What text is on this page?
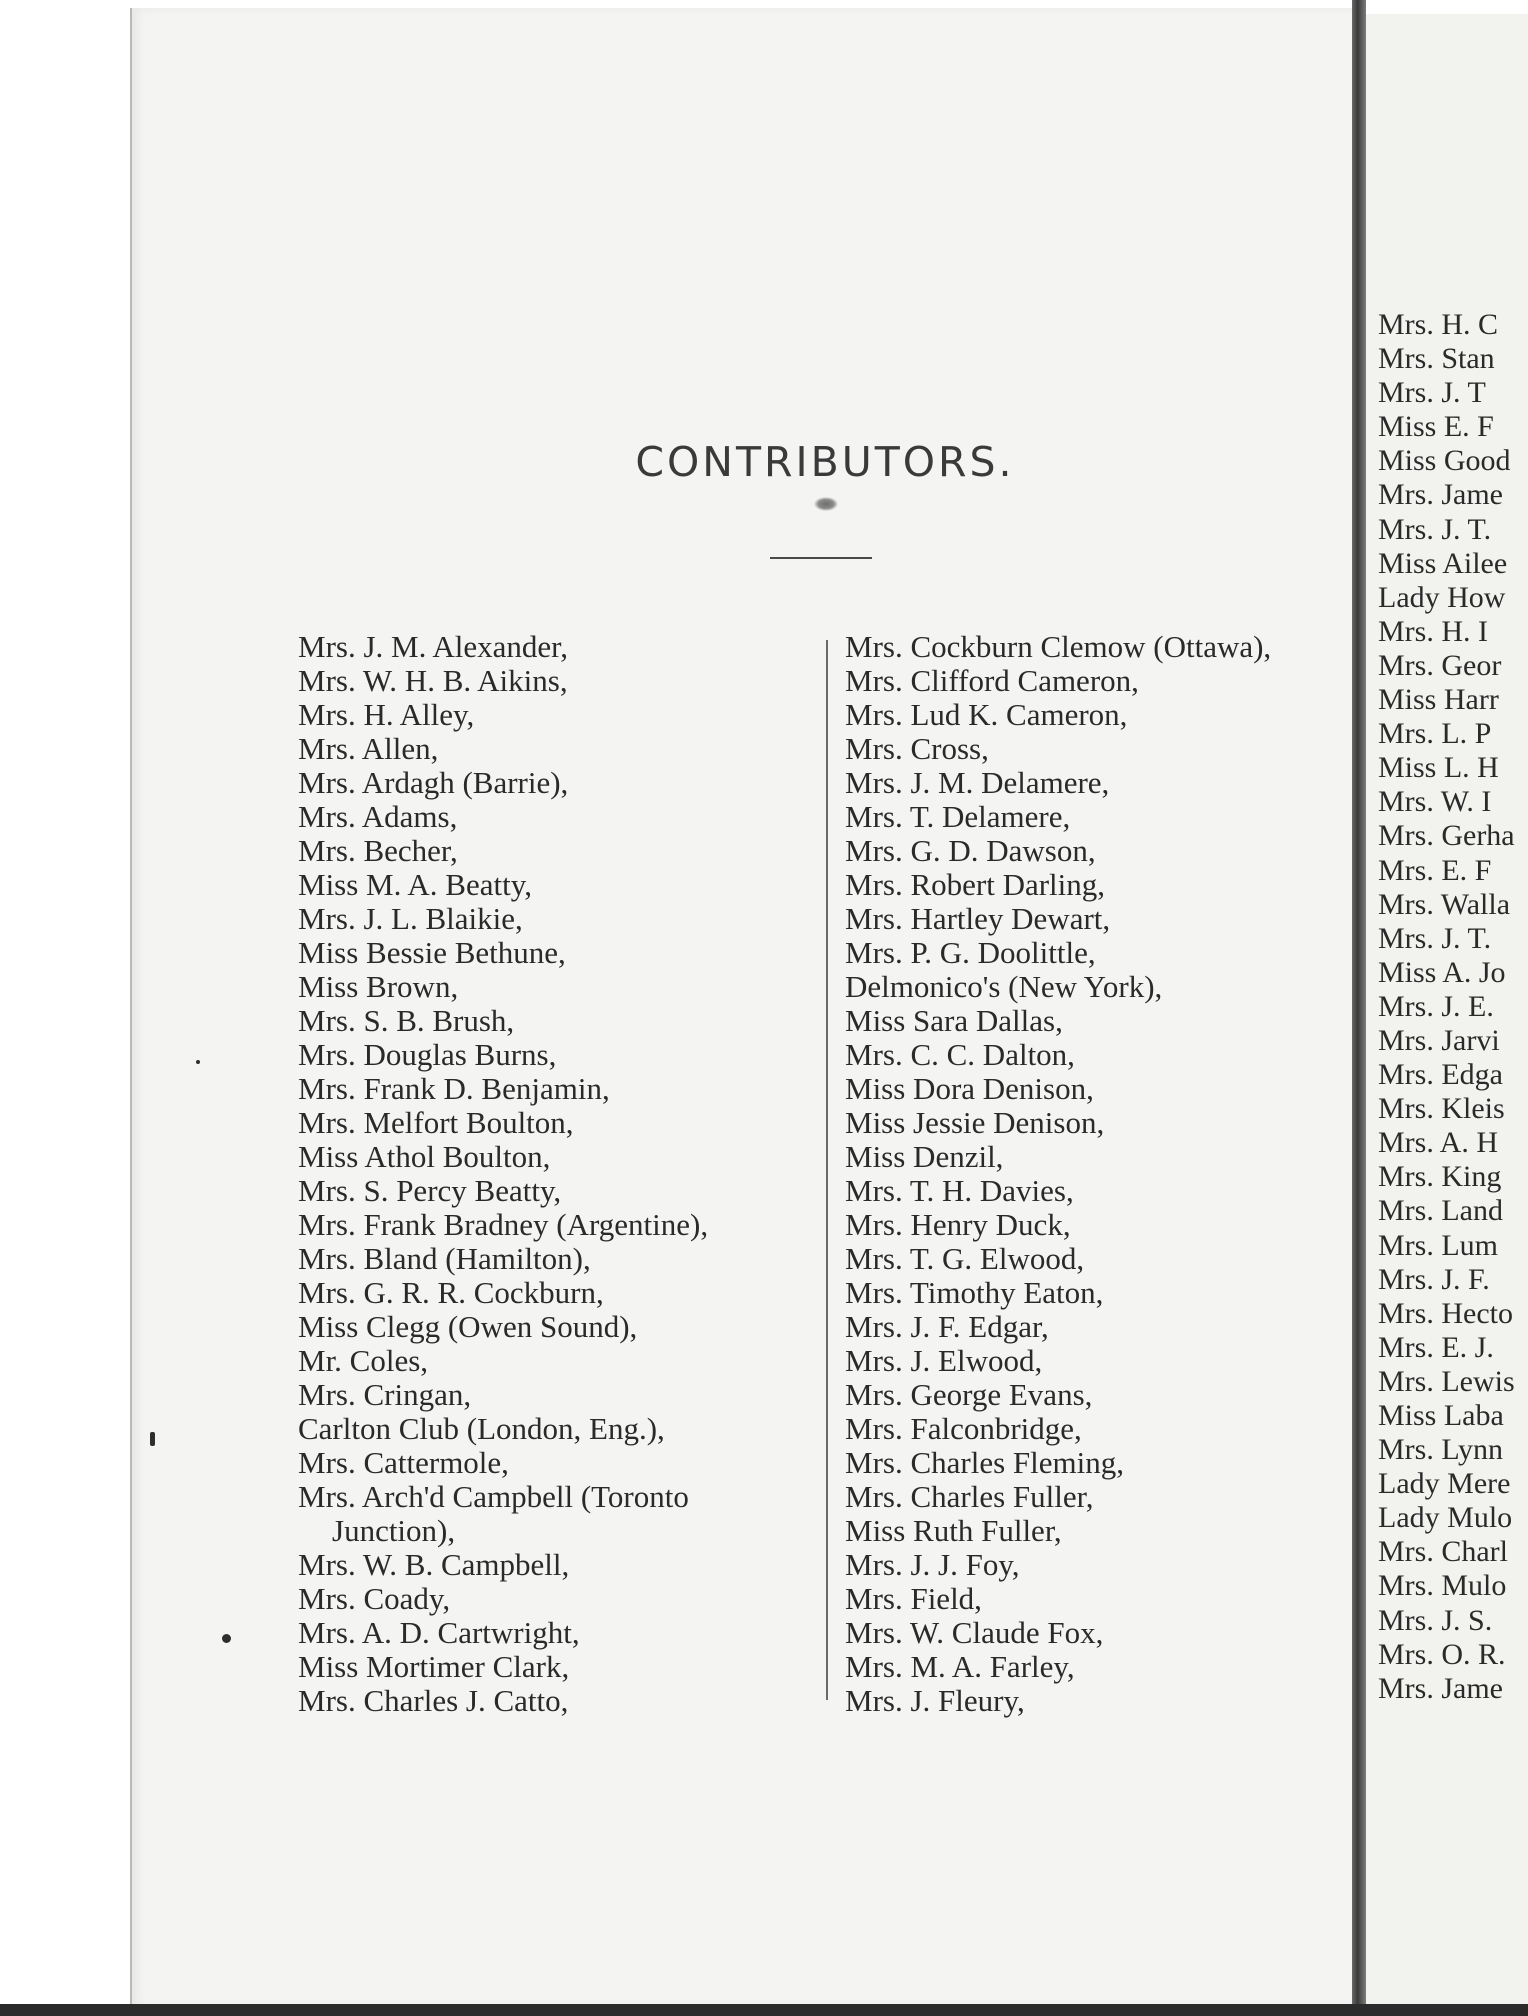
CONTRIBUTORS.
Mrs. J. M. Alexander,
Mrs. W. H. B. Aikins,
Mrs. H. Alley,
Mrs. Allen,
Mrs. Ardagh (Barrie),
Mrs. Adams,
Mrs. Becher,
Miss M. A. Beatty,
Mrs. J. L. Blaikie,
Miss Bessie Bethune,
Miss Brown,
Mrs. S. B. Brush,
Mrs. Douglas Burns,
Mrs. Frank D. Benjamin,
Mrs. Melfort Boulton,
Miss Athol Boulton,
Mrs. S. Percy Beatty,
Mrs. Frank Bradney (Argentine),
Mrs. Bland (Hamilton),
Mrs. G. R. R. Cockburn,
Miss Clegg (Owen Sound),
Mr. Coles,
Mrs. Cringan,
Carlton Club (London, Eng.),
Mrs. Cattermole,
Mrs. Arch'd Campbell (Toronto
Junction),
Mrs. W. B. Campbell,
Mrs. Coady,
Mrs. A. D. Cartwright,
Miss Mortimer Clark,
Mrs. Charles J. Catto,
Mrs. Cockburn Clemow (Ottawa),
Mrs. Clifford Cameron,
Mrs. Lud K. Cameron,
Mrs. Cross,
Mrs. J. M. Delamere,
Mrs. T. Delamere,
Mrs. G. D. Dawson,
Mrs. Robert Darling,
Mrs. Hartley Dewart,
Mrs. P. G. Doolittle,
Delmonico's (New York),
Miss Sara Dallas,
Mrs. C. C. Dalton,
Miss Dora Denison,
Miss Jessie Denison,
Miss Denzil,
Mrs. T. H. Davies,
Mrs. Henry Duck,
Mrs. T. G. Elwood,
Mrs. Timothy Eaton,
Mrs. J. F. Edgar,
Mrs. J. Elwood,
Mrs. George Evans,
Mrs. Falconbridge,
Mrs. Charles Fleming,
Mrs. Charles Fuller,
Miss Ruth Fuller,
Mrs. J. J. Foy,
Mrs. Field,
Mrs. W. Claude Fox,
Mrs. M. A. Farley,
Mrs. J. Fleury,
Mrs. H. C
Mrs. Stan
Mrs. J. T
Miss E. F
Miss Good
Mrs. Jame
Mrs. J. T.
Miss Ailee
Lady How
Mrs. H. I
Mrs. Geor
Miss Harr
Mrs. L. P
Miss L. H
Mrs. W. I
Mrs. Gerha
Mrs. E. F
Mrs. Walla
Mrs. J. T.
Miss A. Jo
Mrs. J. E.
Mrs. Jarvi
Mrs. Edga
Mrs. Kleis
Mrs. A. H
Mrs. King
Mrs. Land
Mrs. Lum
Mrs. J. F.
Mrs. Hecto
Mrs. E. J.
Mrs. Lewis
Miss Laba
Mrs. Lynn
Lady Mere
Lady Mulo
Mrs. Charl
Mrs. Mulo
Mrs. J. S.
Mrs. O. R.
Mrs. Jame
